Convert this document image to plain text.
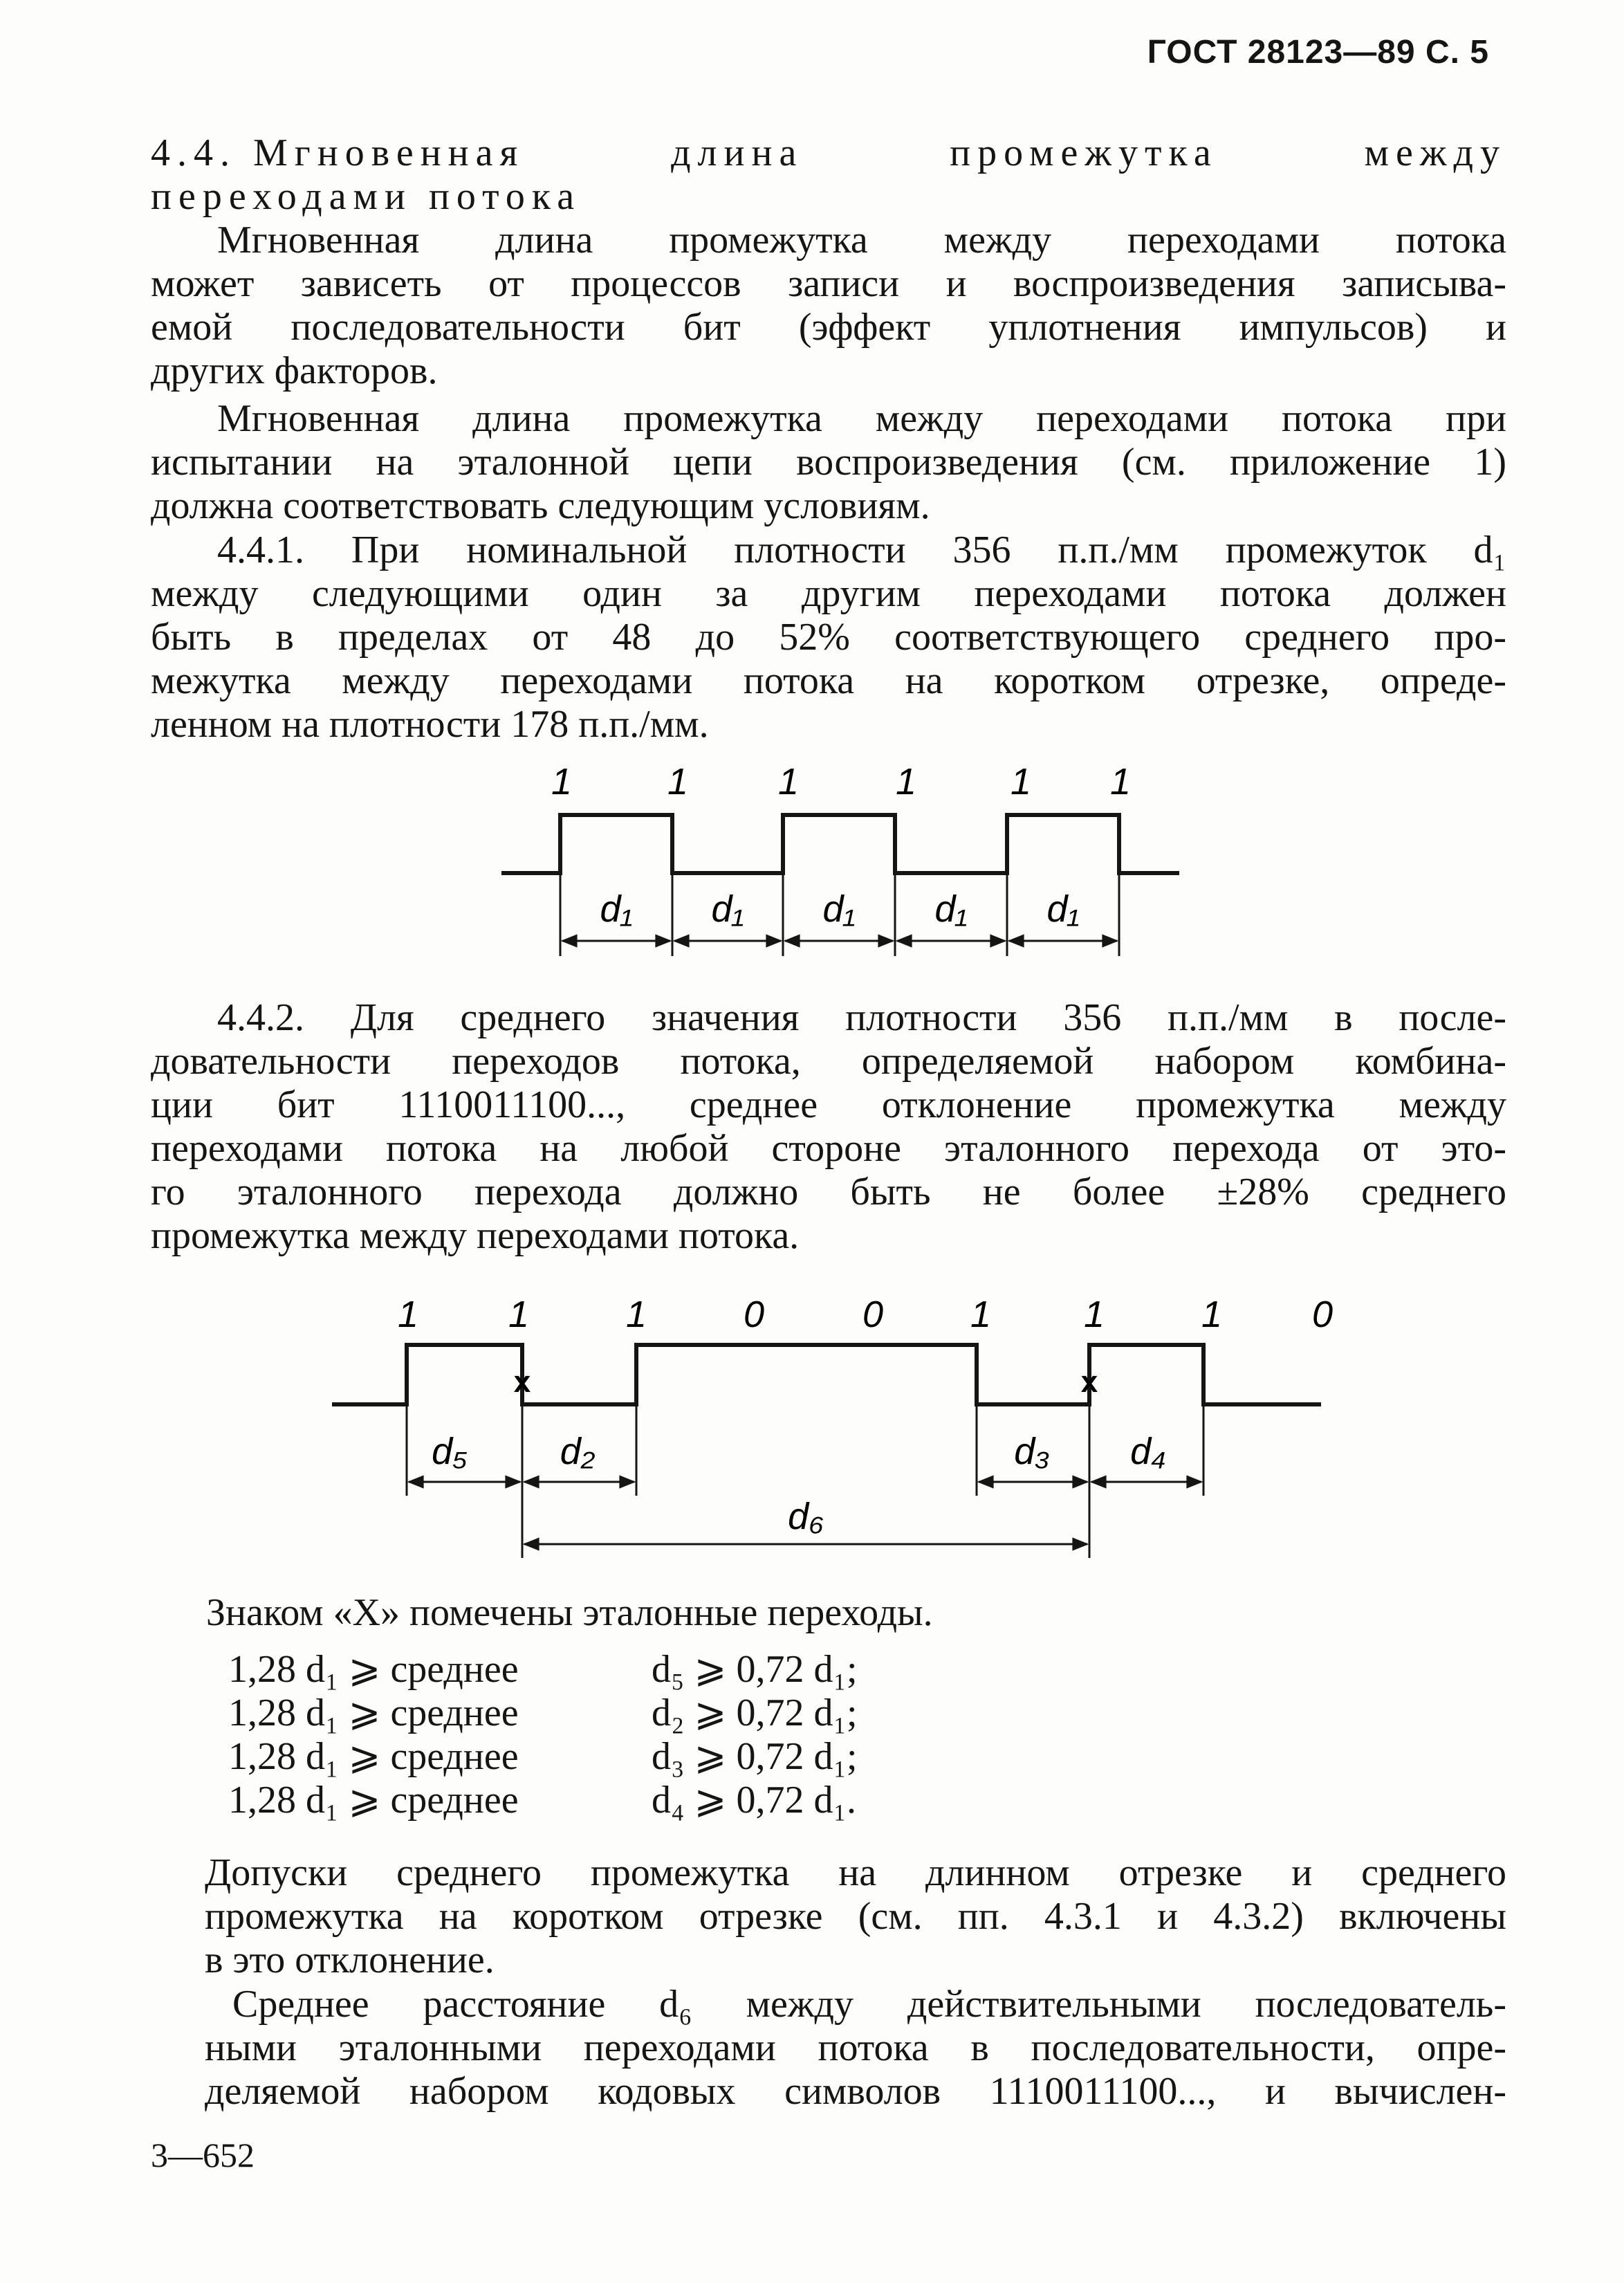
ГОСТ 28123—89 С. 5
4.4. Мгновенная	длина	промежутка	между
переходами потока
Мгновенная длина промежутка между переходами потока
может зависеть от процессов записи и воспроизведения записыва-
емой последовательности бит (эффект уплотнения импульсов) и
других факторов.
Мгновенная длина промежутка между переходами потока при
испытании на эталонной цепи воспроизведения (см. приложение 1)
должна соответствовать следующим условиям.
4.4.1. При номинальной плотности 356 п.п./мм промежуток d₁
между следующими один за другим переходами потока должен
быть в пределах от 48 до 52% соответствующего среднего про-
межутка между переходами потока на коротком отрезке, опреде-
ленном на плотности 178 п.п./мм.
1	1 1	1	1 1
d₁ d₁ d₁ d₁ d₁
4.4.2. Для среднего значения плотности 356 п.п./мм в после-
довательности переходов потока, определяемой набором комбина-
ции бит 1110011100..., среднее отклонение промежутка между
переходами потока на любой стороне эталонного перехода от это-
го эталонного перехода должно быть не более ±28% среднего
промежутка между переходами потока.
1 1	1	0	0 1 1	1 0
x	x
d₅ d₂	d₃ d₄
d₆
Знаком «X» помечены эталонные переходы.
1,28 d₁ ⩾ среднее	d₅ ⩾ 0,72 d₁;
1,28 d₁ ⩾ среднее	d₂ ⩾ 0,72 d₁;
1,28 d₁ ⩾ среднее	d₃ ⩾ 0,72 d₁;
1,28 d₁ ⩾ среднее	d₄ ⩾ 0,72 d₁.
Допуски среднего промежутка на длинном отрезке и среднего
промежутка на коротком отрезке (см. пп. 4.3.1 и 4.3.2) включены
в это отклонение.
Среднее расстояние d₆ между действительными последователь-
ными эталонными переходами потока в последовательности, опре-
деляемой набором кодовых символов 1110011100..., и вычислен-
3—652
